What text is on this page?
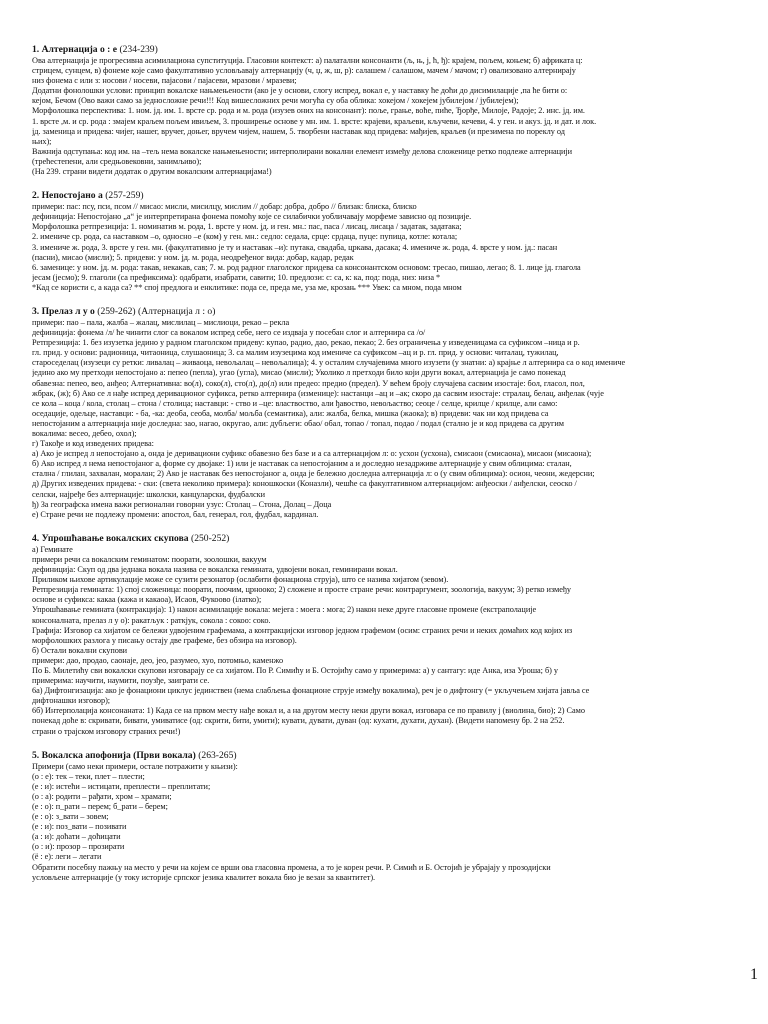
1. Алтернација о : е (234-239)

Ова алтернација је прогресивна асимилациона супституција. Гласовни контекст: а) палатални консонанти (љ, њ, ј, ћ, ђ): крајем, пољем, коњем; б) африката ц:

стрицем, сунцем, в) фонеме које само факултативно условљавају алтернацију (ч, џ, ж, ш, р): салашем / салашом, мачем / мачом; г) овализовано алтернирају

низ фонема с или з: носови / носеви, пајасови / пајасеви, мразови / мразеви;

Додатни фонолошки услови: принцип вокалске нањмењености (ако је у основи, слогу испред, вокал е, у наставку ће доћи до дисимилације ,па ће бити о:

кејом, Бечом (Ово важи само за једносложне речи!!! Код вишесложних речи могућа су оба облика: хокејом / хокејем јубилејом / јубилејем);

Морфолошка перспектива: 1. ном. јд. им. 1. врсте ср. рода и м. рода (изузев оних на консонант): поље, грање, воће, пиће, Ђорђе, Милоје, Радоје; 2. инс. јд. им.

1. врсте ,м. и ср. рода : змајем краљем пољем ивиљем, 3. проширење основе у мн. им. 1. врсте: крајеви, краљеви, кључеви, кечеви, 4. у ген. и акуз. јд. и дат. и лок.

јд. заменица и придева: чијег, нашег, вручег, доњег, вручем чијем, нашем, 5. творбени наставак код придева: мађијев, краљев (и презимена по пореклу од

њих);

Важнија одступања: код им. на –тељ нема вокалске нањмењености; интерполирани вокални елемент између делова сложенице ретко подлеже алтернацији

(трећестепени, али средњовековни, занимљиво);

(На 239. страни видети додатак о другим вокалским алтернацијама!)

2. Непостојано а (257-259)

примери: пас: псу, пси, псом // мисао: мисли, мисилцу, мислим // добар: добра, добро // близак: блиска, блиско

дефиниција: Непостојано „а“ је интерпретирана фонема помоћу које се силабички уобличавају морфеме зависно од позиције.

Морфолошка ретпрезиција: 1. номинатив м. рода, 1. врсте у ном. јд. и ген. мн.: пас, паса / лисац, лисаца / задатак, задатака;

2. имениче ср. рода, са наставком –о, односно –е (ком) у ген. мн.: седло: седала, срце: срдаца, пуце: пупица, котле: котала;

3. имениче ж. рода, 3. врсте у ген. мн. (факултативно је ту и наставак –и): путака, свадаба, цркава, дасака; 4. имениче ж. рода, 4. врсте у ном. јд.: пасан

(пасни), мисао (мисли); 5. придеви: у ном. јд. м. рода, неодређеног вида: добар, кадар, редак

6. заменице: у ном. јд. м. рода: такав, некакав, сав; 7. м. род радног глаголског придева са консонантском основом: тресао, пишао, легао; 8. 1. лице јд. глагола

јесам (јесмо); 9. глаголи (са префиксима): одабрати, изабрати, савити; 10. предлози: с: са, к: ка, под: пода, низ: низа *

*Кад се користи с, а када са? ** спој предлога и енклитике: пода се, преда ме, уза ме, крозањ *** Увек: са мном, пода мном

3. Прелаз л у о (259-262) (Алтернација л : о)

примери: пао – пала, жалба – жалац, мислилац – мислиоци, рекао – рекла

дефиниција: фонема /л/ ће чинити слог са вокалом испред себе, него се издваја у посебан слог и алтернира са /о/

Ретпрезиција: 1. без изузетка једино у радном глаголском придеву: купао, радио, дао, рекао, пекао; 2. без ограничења у изведеницама са суфиксом –ница и р.

гл. прид. у основи: радионица, читаоница, слушаоница; 3. са малим изузецима код имениче са суфиксом –ац и р. гл. прид. у основи: читалац, тужилац,

староседелац (изузеци су ретки: ливалац – живаоца, невољалац – невољалица); 4. у осталим случајевима много изузети (у знатни: а) крајње л алтернира са о код имениче

једино ако му претходи непостојано а: пепео (пепла), угао (угла), мисао (мисли); Уколико л претходи било који други вокал, алтернација је само понекад

обавезна: пепео, вео, анђео; Алтернативна: во(л), соко(л), сто(л), до(л) или предео: предио (предел). У већем броју случајева сасвим изостаје: бол, гласол, пол,

жбрак, (ж); б) Ако се л нађе испред деривационог суфикса, ретко алтернира (изменице): настанци –ац и –ак; скоро да сасвим изостаје: стралац, белац, анђелак (чује

се кола – коца / кола, столац – стона / столица; наставци: - ство и –це: властвоство, али ђавоство, невољаство; сеоце / селце, крилце / крилце, али само:

оседације, одељце, наставци: - ба, -ка: деоба, сеоба, молба/ мољба (семантика), али: жалба, белка, мишка (жаока); в) придеви: чак ни код придева са

непостојаним а алтернација није доследна: зао, нагао, округао, али: дубљеги: обао/ обал, топао / топал, подао / подал (стално је и код придева са другим

вокалима: весео, дебео, охол);

г) Такође и код изведених придева:

а) Ако је испред л непостојано а, онда је деривациони суфикс обавезно без базе и а са алтернацијом л: о: усхон (усхона), смисаон (смисаона), мисаон (мисаона);

б) Ако испред л нема непостојаног а, форме су двојаке: 1) или је наставак са непостојаним а и доследно незадрживе алтернације у свим облицима: сталан,

стална / глилан, захвалан, моралан; 2) Ако је наставак без непостојаног а, онда је бележно доследна алтернација л: о (у свим облицима): осион, чеони, жедерсни;

д) Других изведених придева: - ски: (света неколико примера): коношкоски (Коназли), чешће са факултативном алтернацијом: анђеоски / анђелски, сеоско /

селски, најређе без алтернације: школски, канцуларски, фудбалски

ђ) За географска имена важи регионални говорни узус: Столац – Стона, Долац – Доца

е) Стране речи не подлежу промени: апостол, бал, генерал, гол, фудбал, кардинал.

4. Упрошћавање вокалских скупова (250-252)

а) Геминате

примери речи са вокалским геминатом: поорати, зоолошки, вакуум

дефиниција: Скуп од два једнака вокала назива се вокалска гемината, удвојени вокал, геминирани вокал.

Приликом њихове артикулације може се сузити резонатор (ослабити фонациона струја), што се назива хијатом (зевом).

Ретпрезиција гемината: 1) спој сложеница: поорати, поочим, црнооко; 2) сложене и просте стране речи: контраргумент, зоологија, вакуум; 3) ретко између

основе и суфикса: какаа (кажа и какаоа), Исаов, Фукоово (ілатко);

Упрошћавање гемината (контракција): 1) након асимилације вокала: мејега : моега : мога; 2) након неке друге гласовне промене (екстраполације

консоналната, прелаз л у о): ракатљук : раткјук, сокола : сокоо: соко.

Графија: Изговор са хијатом се бележи удвојеним графемама, а контракцијски изговор једном графемом (осим: страних речи и неких домаћих код којих из

морфолошких разлога у писању остају две графеме, без обзира на изговор).

б) Остали вокални скупови

примери: дао, продао, саонаје, део, јео, разумео, хуо, потомњо, каменжо

По Б. Милетићу сви вокалски скупови изговарају се са хијатом. По Р. Симићу и Б. Остојићу само у примерима: а) у сантагу: иде Анка, иза Уроша; б) у

примерима: научити, наумити, поузђе, заиграти се.

6а) Дифтонгизација: ако је фонациони циклус јединствен (нема слабљења фонационе струје између вокалима), реч је о дифтонгу (= укључењем хијата јавља се

дифтонашки изговор);

6б) Интерполација консонаната: 1) Када се на првом месту нађе вокал и, а на другом месту неки други вокал, изговара се по правилу ј (виолина, био); 2) Само

понекад доће в: скривати, бивати, умиватисе (од: скрити, бити, умити); кувати, дувати, дуван (од: кухати, духати, духан). (Видети напомену бр. 2 на 252.

страни о трајском изговору страних речи!)

5. Вокалска апофонија (Први вокала) (263-265)

Примери (само неки примери, остале потражити у књизи):

(о : е): тек – теки, плет – плести;

(е : и): истећи – истицати, преплести – преплитати;

(о : а): родити – рађати, хром – храмати;

(е : о): п_рати – перем; б_рати – берем;

(е : о): з_вати – зовем;

(е : и): поз_вати – позивати

(а : и): доћати – доћицати

(о : и): прозор – прозирати

(ё : е): леги – легати

Обратити посебну пажњу на место у речи на којем се врши ова гласовна промена, а то је корен речи. Р. Симић и Б. Остојић је убрајају у прозодијски

условљене алтернације (у току историје српског језика квалитет вокала био је везан за квантитет).

1
